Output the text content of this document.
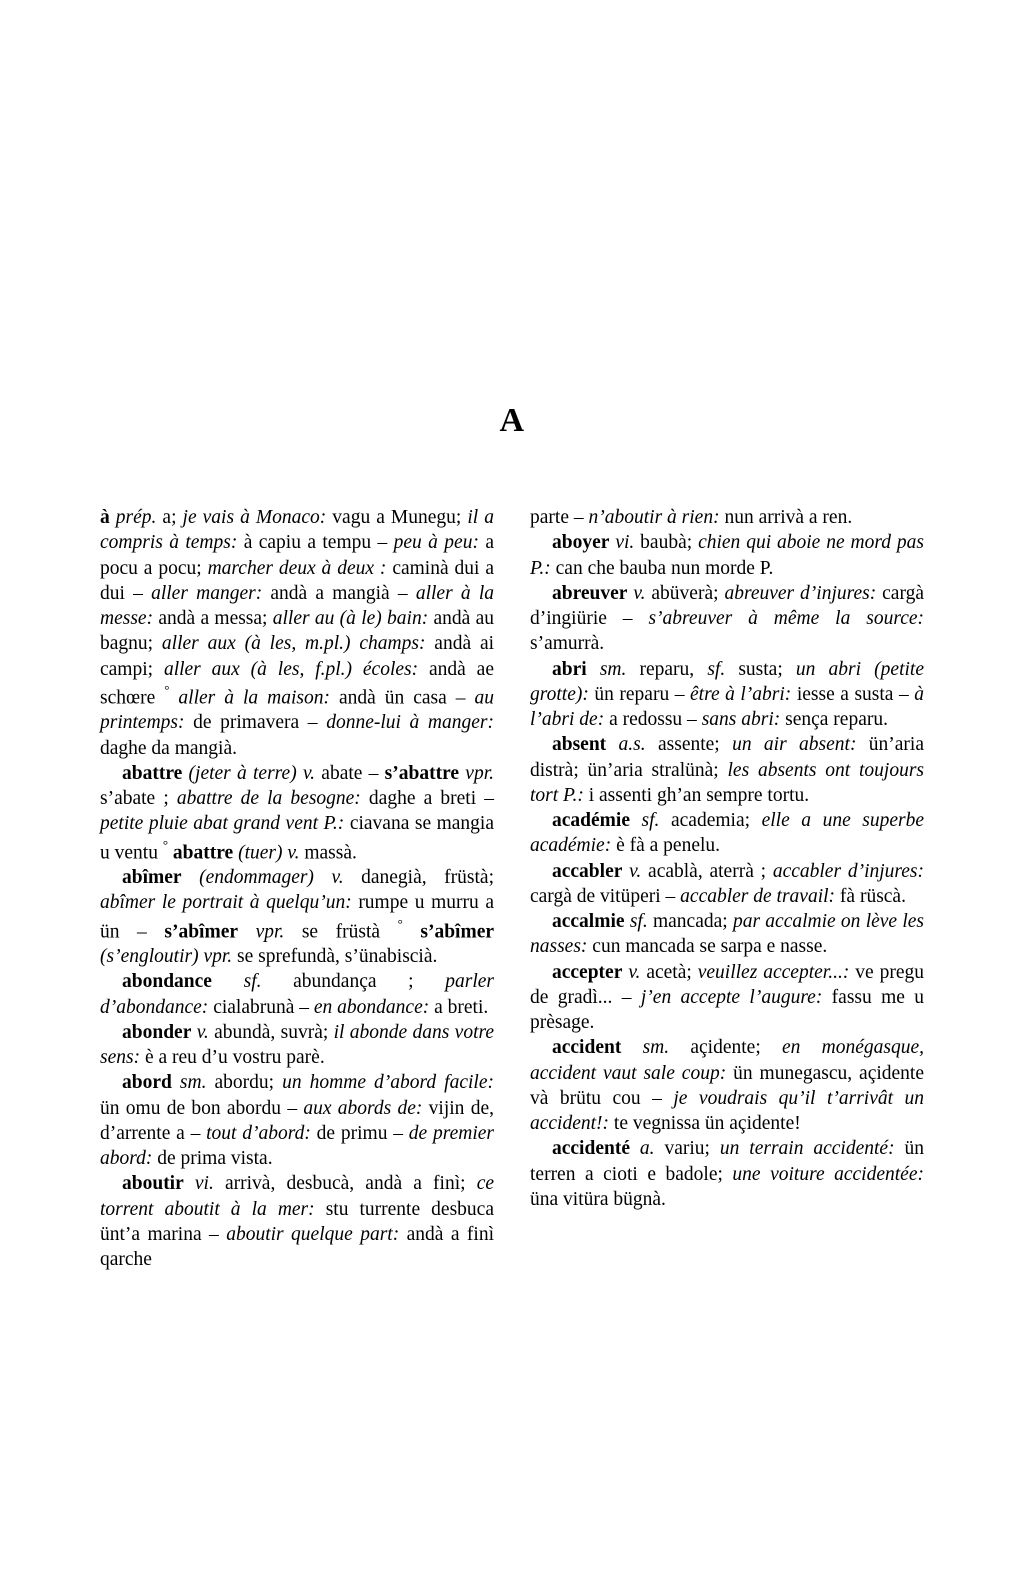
A

à prép. a; je vais à Monaco: vagu a Munegu; il a compris à temps: à capiu a tempu – peu à peu: a pocu a pocu; marcher deux à deux : caminà dui a dui – aller manger: andà a mangià – aller à la messe: andà a messa; aller au (à le) bain: andà au bagnu; aller aux (à les, m.pl.) champs: andà ai campi; aller aux (à les, f.pl.) écoles: andà ae schœre ° aller à la maison: andà ün casa – au printemps: de primavera – donne-lui à manger: daghe da mangià.

abattre (jeter à terre) v. abate – s’abattre vpr. s’abate ; abattre de la besogne: daghe a breti – petite pluie abat grand vent P.: ciavana se mangia u ventu ° abattre (tuer) v. massà.

abîmer (endommager) v. danegià, früstà; abîmer le portrait à quelqu’un: rumpe u murru a ün – s’abîmer vpr. se früstà ° s’abîmer (s’engloutir) vpr. se sprefundà, s’ünabiscià.

abondance sf. abundança ; parler d’abondance: cialabrunà – en abondance: a breti.

abonder v. abundà, suvrà; il abonde dans votre sens: è a reu d’u vostru parè.

abord sm. abordu; un homme d’abord facile: ün omu de bon abordu – aux abords de: vijin de, d’arrente a – tout d’abord: de primu – de premier abord: de prima vista.

aboutir vi. arrivà, desbucà, andà a finì; ce torrent aboutit à la mer: stu turrente desbuca ünt’a marina – aboutir quelque part: andà a finì qarche

parte – n’aboutir à rien: nun arrivà a ren.

aboyer vi. baubà; chien qui aboie ne mord pas P.: can che bauba nun morde P.

abreuver v. abüverà; abreuver d’injures: cargà d’ingiürie – s’abreuver à même la source: s’amurrà.

abri sm. reparu, sf. susta; un abri (petite grotte): ün reparu – être à l’abri: iesse a susta – à l’abri de: a redossu – sans abri: sença reparu.

absent a.s. assente; un air absent: ün’aria distrà; ün’aria stralünà; les absents ont toujours tort P.: i assenti gh’an sempre tortu.

académie sf. academia; elle a une superbe académie: è fà a penelu.

accabler v. acablà, aterrà ; accabler d’injures: cargà de vitüperi – accabler de travail: fà rüscà.

accalmie sf. mancada; par accalmie on lève les nasses: cun mancada se sarpa e nasse.

accepter v. acetà; veuillez accepter...: ve pregu de gradì... – j’en accepte l’augure: fassu me u prèsage.

accident sm. açidente; en monégasque, accident vaut sale coup: ün munegascu, açidente và brütu cou – je voudrais qu’il t’arrivât un accident!: te vegnissa ün açidente!

accidenté a. variu; un terrain accidenté: ün terren a cioti e badole; une voiture accidentée: üna vitüra bügnà.
